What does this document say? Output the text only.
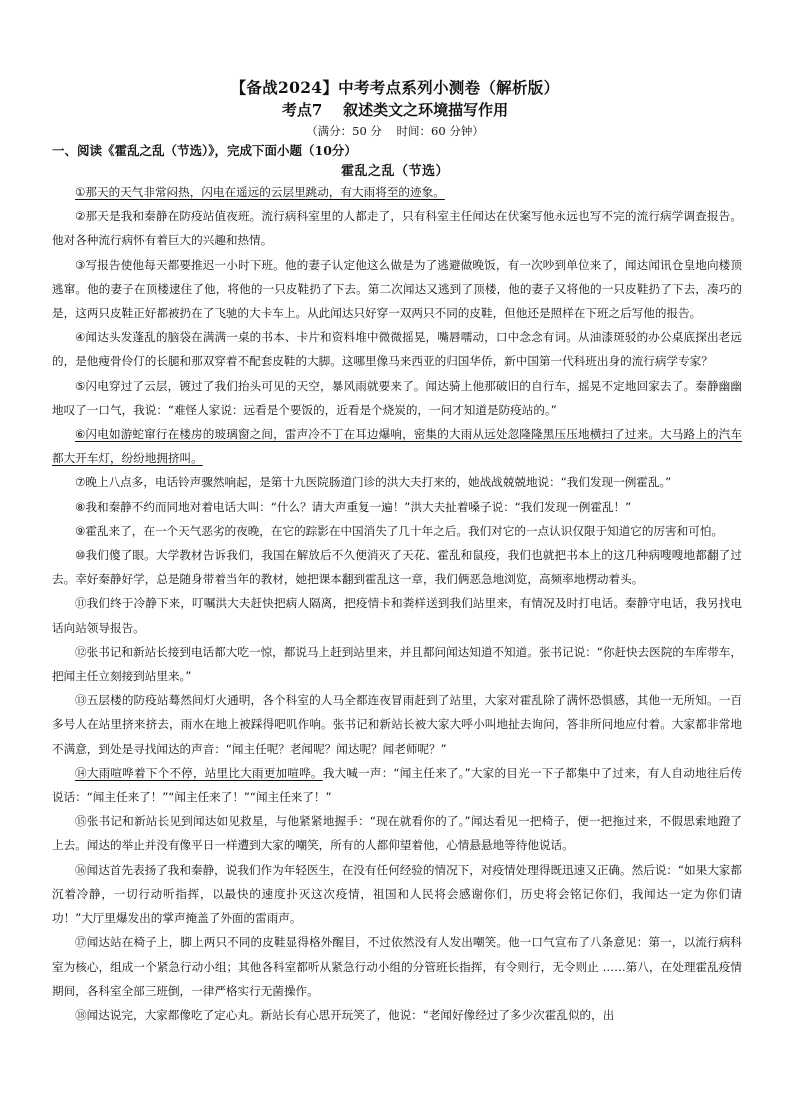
【备战2024】中考考点系列小测卷（解析版）
考点7    叙述类文之环境描写作用
（满分：50 分    时间：60 分钟）
一、阅读《霍乱之乱（节选）》，完成下面小题（10分）
霍乱之乱（节选）

①那天的天气非常闷热，闪电在遥远的云层里跳动，有大雨将至的迹象。

②那天是我和秦静在防疫站值夜班。流行病科室里的人都走了，只有科室主任闻达在伏案写他永远也写不完的流行病学调查报告。他对各种流行病怀有着巨大的兴趣和热情。

③写报告使他每天都要推迟一小时下班。他的妻子认定他这么做是为了逃避做晚饭，有一次吵到单位来了，闻达闻讯仓皇地向楼顶逃窜。他的妻子在顶楼逮住了他，将他的一只皮鞋扔了下去。第二次闻达又逃到了顶楼，他的妻子又将他的一只皮鞋扔了下去，凑巧的是，这两只皮鞋正好都被扔在了飞驰的大卡车上。从此闻达只好穿一双两只不同的皮鞋，但他还是照样在下班之后写他的报告。

④闻达头发蓬乱的脑袋在满满一桌的书本、卡片和资料堆中微微摇晃，嘴唇嚅动，口中念念有词。从油漆斑驳的办公桌底探出老远的，是他瘦骨伶仃的长腿和那双穿着不配套皮鞋的大脚。这哪里像马来西亚的归国华侨，新中国第一代科班出身的流行病学专家？

⑤闪电穿过了云层，镀过了我们抬头可见的天空，暴风雨就要来了。闻达骑上他那破旧的自行车，摇晃不定地回家去了。秦静幽幽地叹了一口气，我说：“难怪人家说：远看是个要饭的，近看是个烧炭的，一问才知道是防疫站的。”

⑥闪电如游蛇窜行在楼房的玻璃窗之间，雷声冷不丁在耳边爆响，密集的大雨从远处忽隆隆黑压压地横扫了过来。大马路上的汽车都大开车灯，纷纷地拥挤叫。

⑦晚上八点多，电话铃声骤然响起，是第十九医院肠道门诊的洪大夫打来的，她战战兢兢地说：“我们发现一例霍乱。”

⑧我和秦静不约而同地对着电话大叫：“什么？请大声重复一遍！”洪大夫扯着嗓子说：“我们发现一例霍乱！”

⑨霍乱来了，在一个天气恶劣的夜晚，在它的踪影在中国消失了几十年之后。我们对它的一点认识仅限于知道它的厉害和可怕。

⑩我们傻了眼。大学教材告诉我们，我国在解放后不久便消灭了天花、霍乱和鼠疫，我们也就把书本上的这几种病嗖嗖地都翻了过去。幸好秦静好学，总是随身带着当年的教材，她把课本翻到霍乱这一章，我们俩恶急地浏览，高频率地楞动着头。

⑪我们终于冷静下来，叮嘱洪大夫赶快把病人隔离，把疫情卡和粪样送到我们站里来，有情况及时打电话。秦静守电话，我另找电话向站领导报告。

⑫张书记和新站长接到电话都大吃一惊，都说马上赶到站里来，并且都问闻达知道不知道。张书记说：“你赶快去医院的车库带车，把闻主任立刻接到站里来。”

⑬五层楼的防疫站蓦然间灯火通明，各个科室的人马全都连夜冒雨赶到了站里，大家对霍乱除了满怀恐惧感，其他一无所知。一百多号人在站里挤来挤去，雨水在地上被踩得吧叽作响。张书记和新站长被大家大呼小叫地扯去询问，答非所问地应付着。大家都非常地不满意，到处是寻找闻达的声音：“闻主任呢？老闻呢？闻达呢？闻老师呢？”

⑭大雨喧哗着下个不停，站里比大雨更加喧哗。我大喊一声：“闻主任来了。”大家的目光一下子都集中了过来，有人自动地往后传说话：“闻主任来了！”“闻主任来了！”“闻主任来了！”

⑮张书记和新站长见到闻达如见救星，与他紧紧地握手：“现在就看你的了。”闻达看见一把椅子，便一把拖过来，不假思索地蹬了上去。闻达的举止并没有像平日一样遭到大家的嘲笑，所有的人都仰望着他，心情悬悬地等待他说话。

⑯闻达首先表扬了我和秦静，说我们作为年轻医生，在没有任何经验的情况下，对疫情处理得既迅速又正确。然后说：“如果大家都沉着冷静，一切行动听指挥，以最快的速度扑灭这次疫情，祖国和人民将会感谢你们，历史将会铭记你们，我闻达一定为你们请功！”大厅里爆发出的掌声掩盖了外面的雷雨声。

⑰闻达站在椅子上，脚上两只不同的皮鞋显得格外醒目，不过依然没有人发出嘲笑。他一口气宣布了八条意见：第一，以流行病科室为核心，组成一个紧急行动小组；其他各科室都听从紧急行动小组的分管班长指挥，有令则行，无令则止 ……第八，在处理霍乱疫情期间，各科室全部三班倒，一律严格实行无菌操作。

⑱闻达说完，大家都像吃了定心丸。新站长有心思开玩笑了，他说：“老闻好像经过了多少次霍乱似的，出
